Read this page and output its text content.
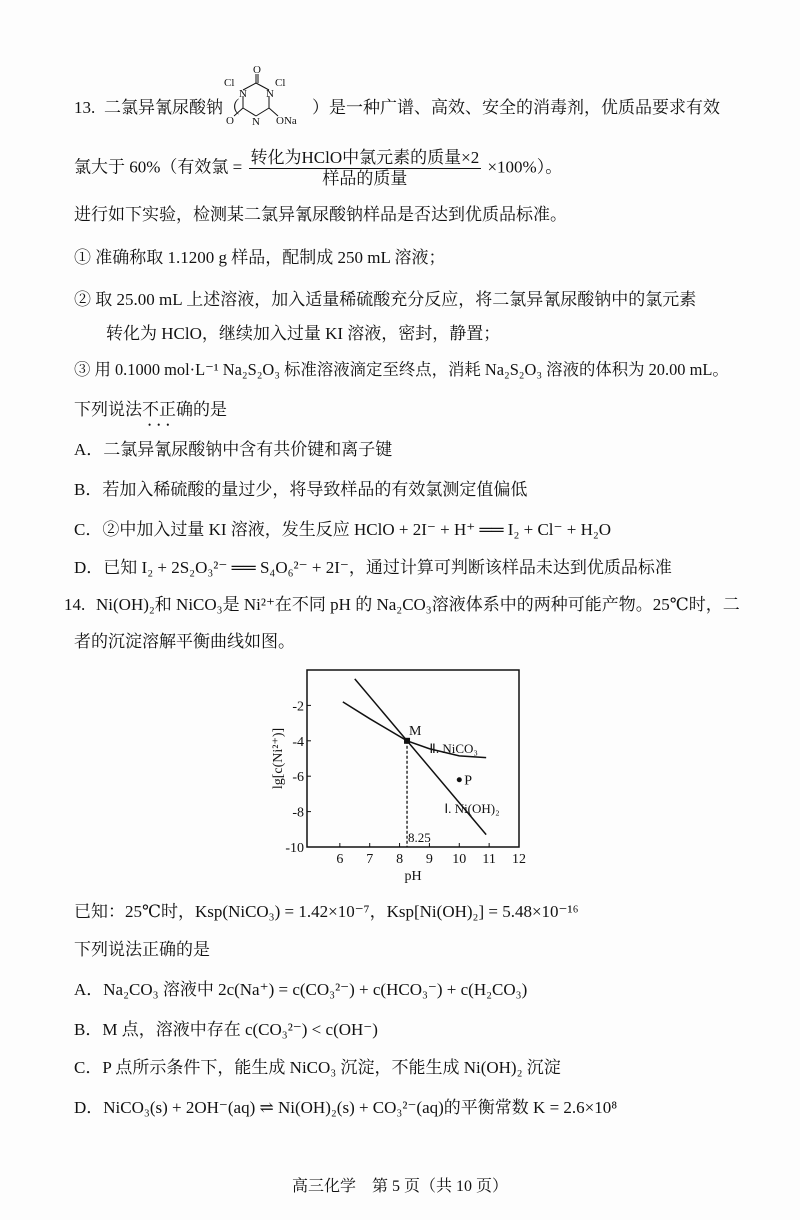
13. 二氯异氰尿酸钠（
O
Cl	Cl
N N
N
O	ONa
）是一种广谱、高效、安全的消毒剂，优质品要求有效
氯大于 60%（有效氯 = $\frac{\text{转化为HClO中氯元素的质量×2}}{\text{样品的质量}} \times 100\%$）。
进行如下实验，检测某二氯异氰尿酸钠样品是否达到优质品标准。
① 准确称取 1.1200 g 样品，配制成 250 mL 溶液；
② 取 25.00 mL 上述溶液，加入适量稀硫酸充分反应，将二氯异氰尿酸钠中的氯元素
转化为 HClO，继续加入过量 KI 溶液，密封，静置；
③ 用 0.1000 mol·L⁻¹ Na₂S₂O₃ 标准溶液滴定至终点，消耗 Na₂S₂O₃ 溶液的体积为 20.00 mL。
下列说法不正确
•••
的是
A．二氯异氰尿酸钠中含有共价键和离子键
B．若加入稀硫酸的量过少，将导致样品的有效氯测定值偏低
C．②中加入过量 KI 溶液，发生反应 HClO + 2I⁻ + H⁺ ══ I₂ + Cl⁻ + H₂O
D．已知 I₂ + 2S₂O₃²⁻ ══ S₄O₆²⁻ + 2I⁻，通过计算可判断该样品未达到优质品标准
14. Ni(OH)₂和 NiCO₃是 Ni²⁺在不同 pH 的 Na₂CO₃溶液体系中的两种可能产物。25℃时，二
者的沉淀溶解平衡曲线如图。
6 7 8 9 10 11 12
-2
-4
-6
-8
-10
pH
lg[c(Ni²⁺)]	Ⅱ. NiCO₃
Ⅰ. Ni(OH)₂
M
P
8.25
已知：25℃时，Ksp(NiCO₃) = 1.42×10⁻⁷，Ksp[Ni(OH)₂] = 5.48×10⁻¹⁶
下列说法正确的是
A．Na₂CO₃ 溶液中 2c(Na⁺) = c(CO₃²⁻) + c(HCO₃⁻) + c(H₂CO₃)
B．M 点，溶液中存在 c(CO₃²⁻) < c(OH⁻)
C．P 点所示条件下，能生成 NiCO₃ 沉淀，不能生成 Ni(OH)₂ 沉淀
D．NiCO₃(s) + 2OH⁻(aq) ⇌ Ni(OH)₂(s) + CO₃²⁻(aq)的平衡常数 K = 2.6×10⁸
高三化学　第 5 页（共 10 页）
